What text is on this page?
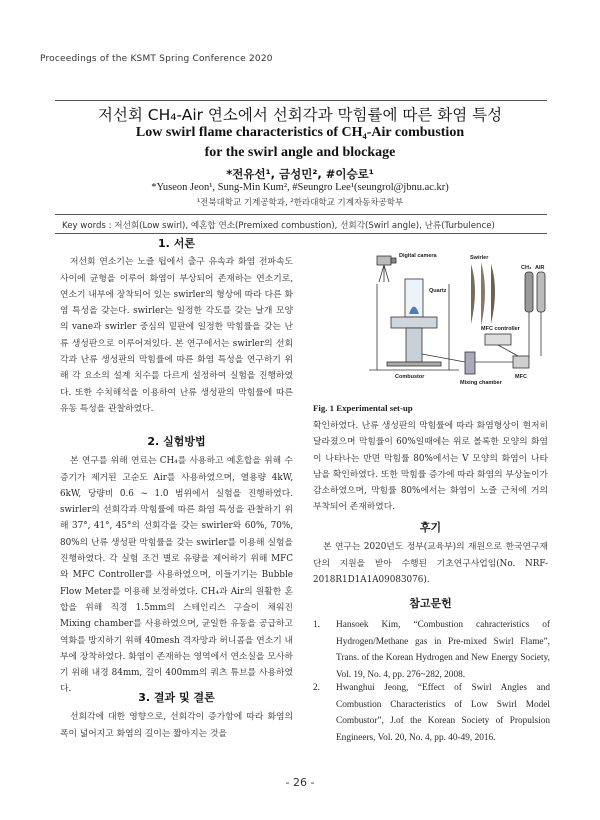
Proceedings of the KSMT Spring Conference 2020
저선회 CH₄-Air 연소에서 선회각과 막힘률에 따른 화염 특성
Low swirl flame characteristics of CH₄-Air combustion
for the swirl angle and blockage
*전유선¹, 금성민², #이승로¹
*Yuseon Jeon¹, Sung-Min Kum², #Seungro Lee¹(seungrol@jbnu.ac.kr)
¹전북대학교 기계공학과, ²한라대학교 기계자동차공학부
Key words : 저선회(Low swirl), 예혼합 연소(Premixed combustion), 선회각(Swirl angle), 난류(Turbulence)
1. 서론

저선회 연소기는 노즐 팁에서 출구 유속과 화염 전파속도 사이에 균형을 이루어 화염이 부상되어 존재하는 연소기로, 연소기 내부에 장착되어 있는 swirler의 형상에 따라 다른 화염 특성을 갖는다. swirler는 일정한 각도를 갖는 날개 모양의 vane과 swirler 중심의 밑판에 일정한 막힘률을 갖는 난류 생성판으로 이루어져있다. 본 연구에서는 swirler의 선회각과 난류 생성판의 막힘률에 따른 화염 특성을 연구하기 위해 각 요소의 설계 치수를 다르게 설정하여 실험을 진행하였다. 또한 수치해석을 이용하여 난류 생성판의 막힘률에 따른 유동 특성을 관찰하였다.

2. 실험방법

본 연구를 위해 연료는 CH₄를 사용하고 예혼합을 위해 수증기가 제거된 고순도 Air를 사용하였으며, 열용량 4kW, 6kW, 당량비 0.6 ~ 1.0 범위에서 실험을 진행하였다. swirler의 선회각과 막힘률에 따른 화염 특성을 관찰하기 위해 37°, 41°, 45°의 선회각을 갖는 swirler와 60%, 70%, 80%의 난류 생성판 막힘률을 갖는 swirler를 이용해 실험을 진행하였다. 각 실험 조건 별로 유량을 제어하기 위해 MFC와 MFC Controller를 사용하였으며, 이들기기는 Bubble Flow Meter를 이용해 보정하였다. CH₄과 Air의 원활한 혼합을 위해 직경 1.5mm의 스테인리스 구슬이 채워진 Mixing chamber를 사용하였으며, 균일한 유동을 공급하고 역화를 방지하기 위해 40mesh 격자망과 허니콤을 연소기 내부에 장착하였다. 화염이 존재하는 영역에서 연소실을 모사하기 위해 내경 84mm, 길이 400mm의 쿼츠 튜브를 사용하였다.

3. 결과 및 결론

선회각에 대한 영향으로, 선회각이 증가함에 따라 화염의 폭이 넓어지고 화염의 길이는 짧아지는 것을

Digital camera
Quartz
Swirler
CH₄ AIR
MFC controller
Combustor
Mixing chamber
MFC
Fig. 1 Experimental set-up

확인하였다. 난류 생성판의 막힘률에 따라 화염형상이 현저히 달라졌으며 막힘률이 60%일때에는 위로 볼록한 모양의 화염이 나타나는 반면 막힘률 80%에서는 V 모양의 화염이 나타남을 확인하였다. 또한 막힘률 증가에 따라 화염의 부상높이가 감소하였으며, 막힘률 80%에서는 화염이 노즐 근처에 거의 부착되어 존재하였다.

후기

본 연구는 2020년도 정부(교육부)의 재원으로 한국연구재단의 지원을 받아 수행된 기초연구사업임(No. NRF-2018R1D1A1A09083076).

참고문헌
1. Hansoek Kim, “Combustion cahracteristics of Hydrogen/Methane gas in Pre-mixed Swirl Flame”, Trans. of the Korean Hydrogen and New Energy Society, Vol. 19, No. 4, pp. 276~282, 2008.
2. Hwanghui Jeong, “Effect of Swirl Angles and Combustion Characteristics of Low Swirl Model Combustor”, J.of the Korean Society of Propulsion Engineers, Vol. 20, No. 4, pp. 40-49, 2016.
- 26 -
